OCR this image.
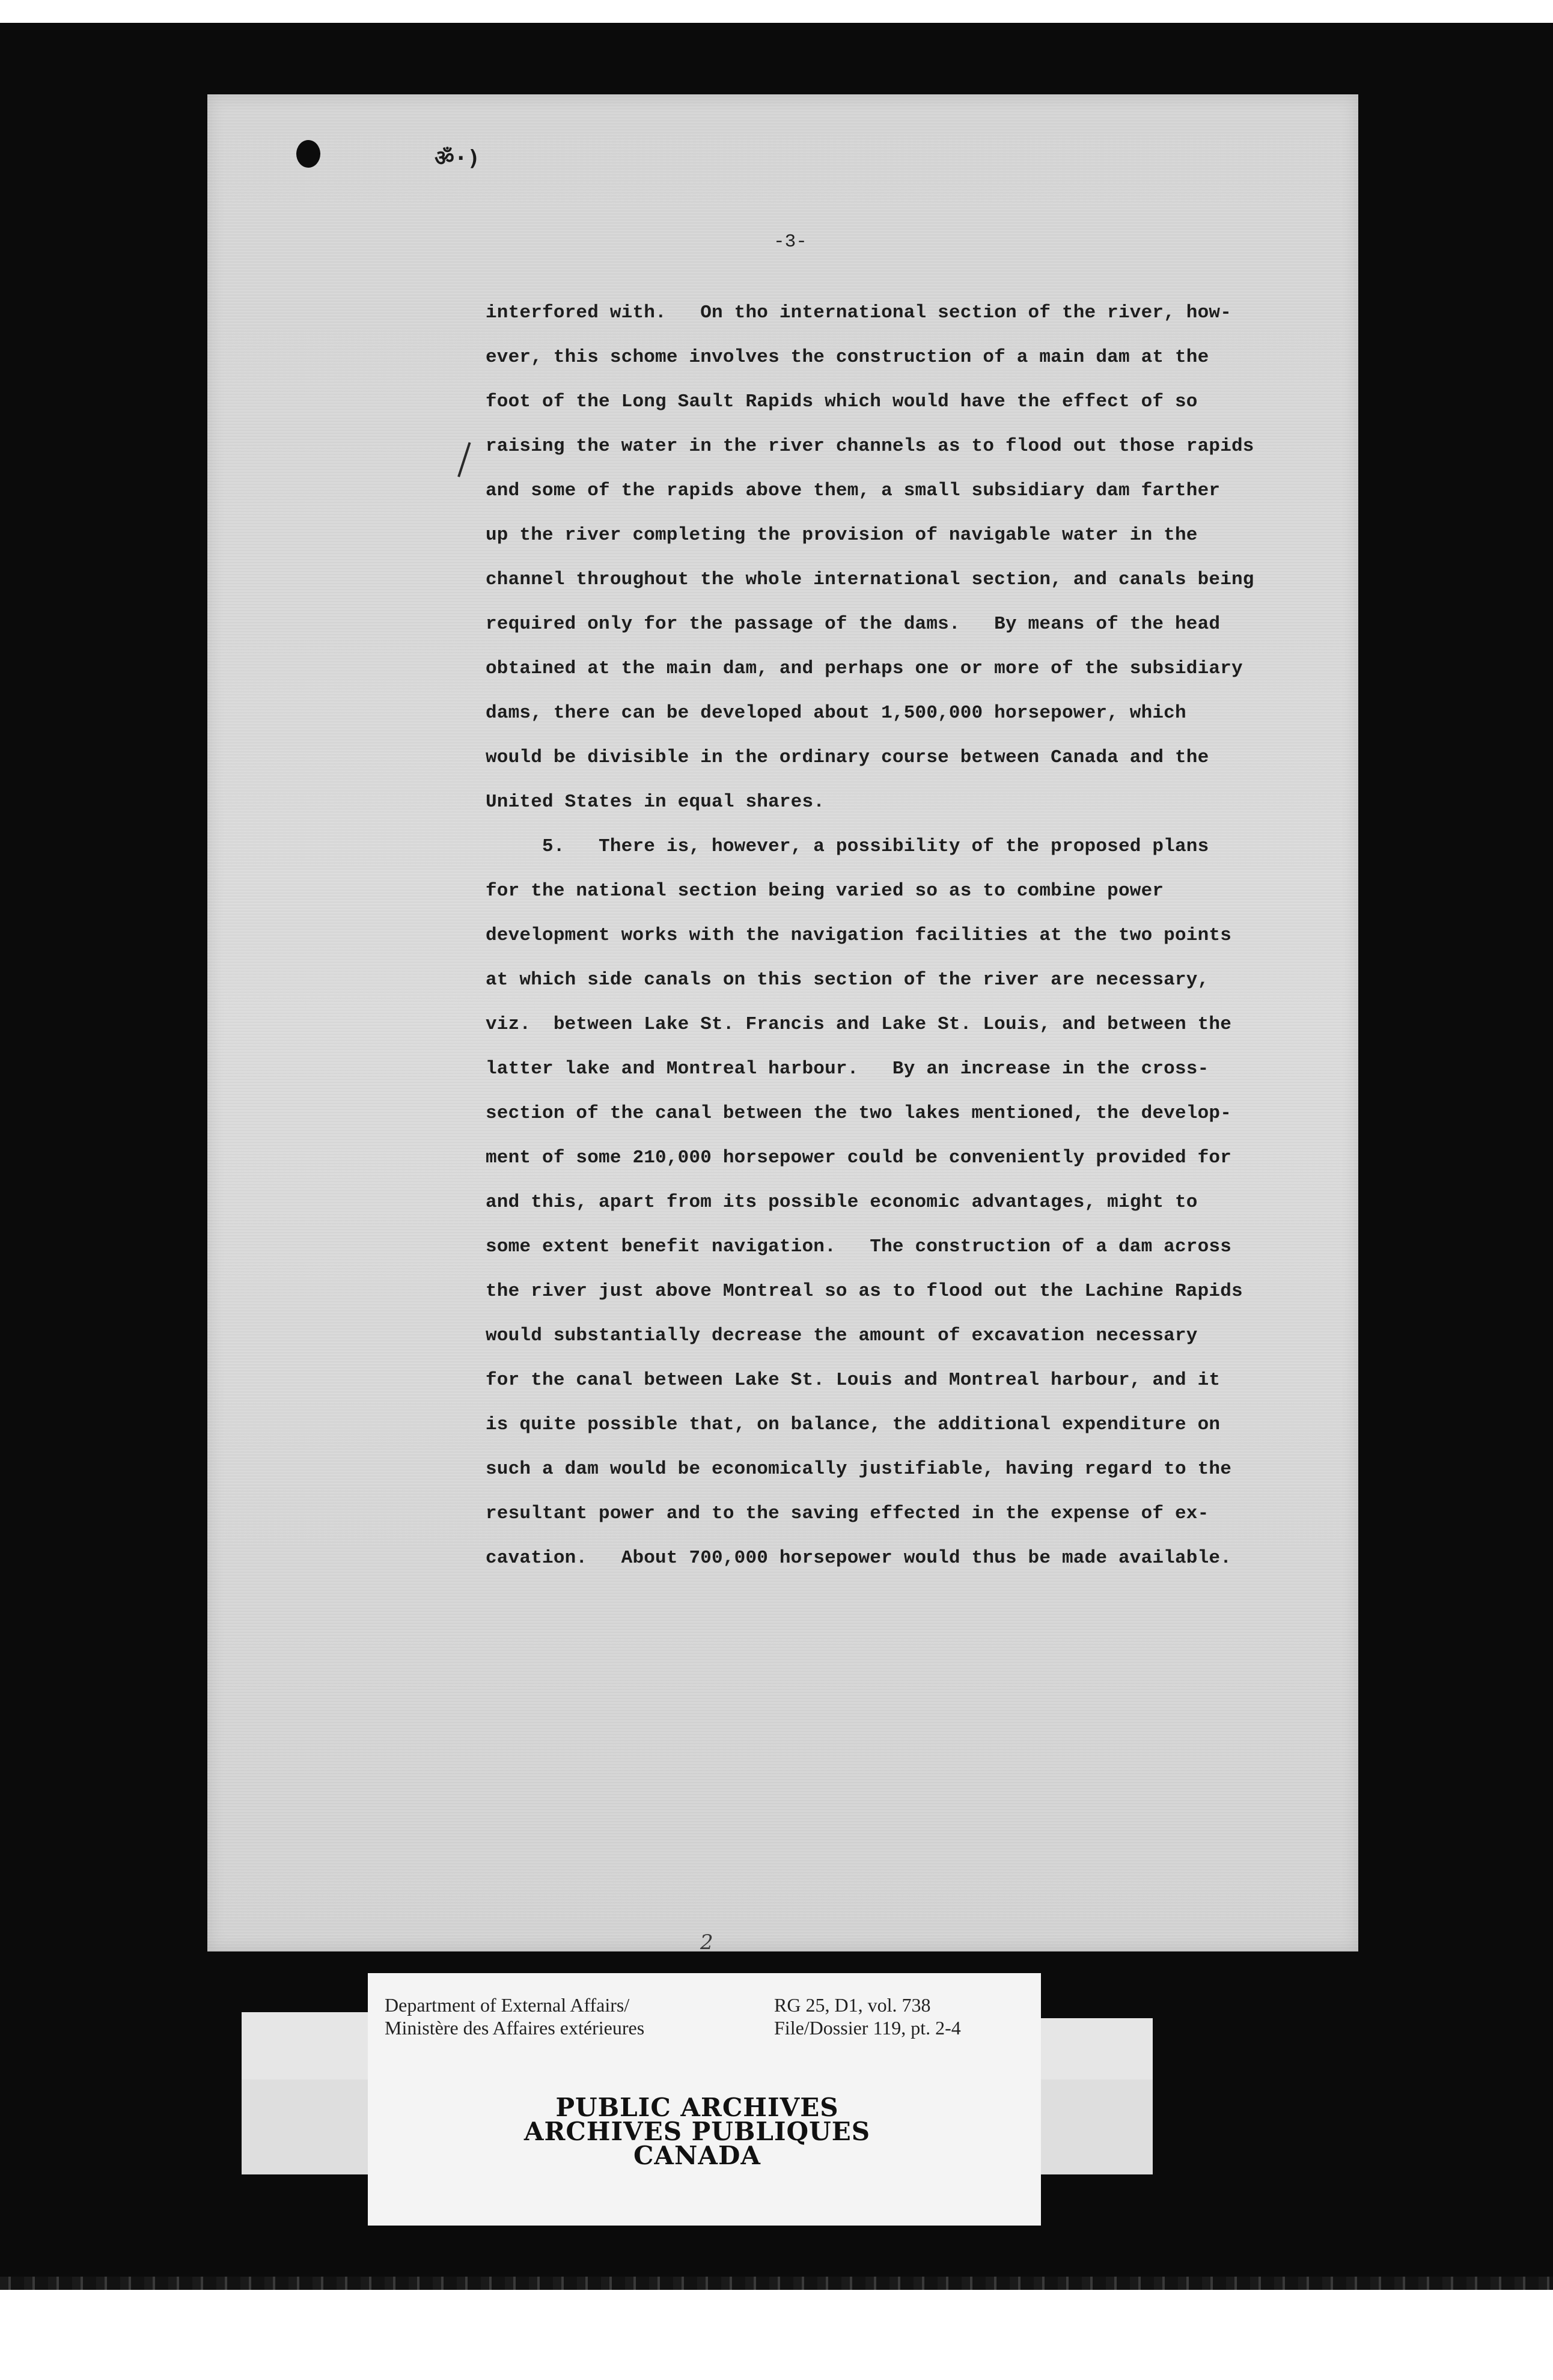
ॐ·)
-3-
interfored with.   On tho international section of the river, how-
ever, this schome involves the construction of a main dam at the
foot of the Long Sault Rapids which would have the effect of so
raising the water in the river channels as to flood out those rapids
and some of the rapids above them, a small subsidiary dam farther
up the river completing the provision of navigable water in the
channel throughout the whole international section, and canals being
required only for the passage of the dams.   By means of the head
obtained at the main dam, and perhaps one or more of the subsidiary
dams, there can be developed about 1,500,000 horsepower, which
would be divisible in the ordinary course between Canada and the
United States in equal shares.
5.   There is, however, a possibility of the proposed plans
for the national section being varied so as to combine power
development works with the navigation facilities at the two points
at which side canals on this section of the river are necessary,
viz.  between Lake St. Francis and Lake St. Louis, and between the
latter lake and Montreal harbour.   By an increase in the cross-
section of the canal between the two lakes mentioned, the develop-
ment of some 210,000 horsepower could be conveniently provided for
and this, apart from its possible economic advantages, might to
some extent benefit navigation.   The construction of a dam across
the river just above Montreal so as to flood out the Lachine Rapids
would substantially decrease the amount of excavation necessary
for the canal between Lake St. Louis and Montreal harbour, and it
is quite possible that, on balance, the additional expenditure on
such a dam would be economically justifiable, having regard to the
resultant power and to the saving effected in the expense of ex-
cavation.   About 700,000 horsepower would thus be made available.
2
Department of External Affairs/
Ministère des Affaires extérieures
RG 25, D1, vol. 738
File/Dossier 119, pt. 2-4
PUBLIC ARCHIVES
ARCHIVES PUBLIQUES
CANADA
